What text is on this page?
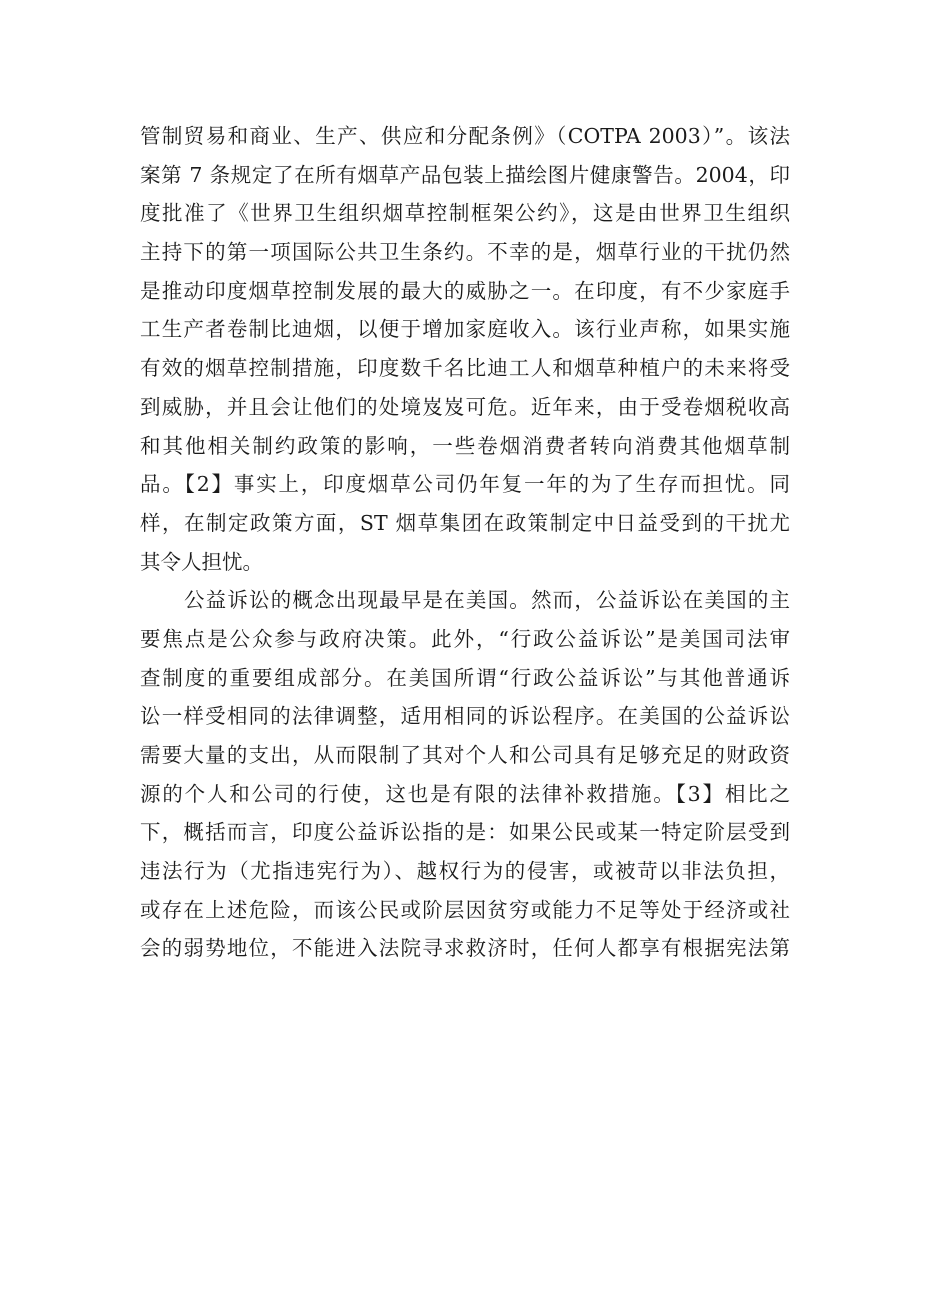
管制贸易和商业、生产、供应和分配条例》（COTPA 2003）”。该法
案第 7 条规定了在所有烟草产品包装上描绘图片健康警告。2004，印
度批准了《世界卫生组织烟草控制框架公约》，这是由世界卫生组织
主持下的第一项国际公共卫生条约。不幸的是，烟草行业的干扰仍然
是推动印度烟草控制发展的最大的威胁之一。在印度，有不少家庭手
工生产者卷制比迪烟，以便于增加家庭收入。该行业声称，如果实施
有效的烟草控制措施，印度数千名比迪工人和烟草种植户的未来将受
到威胁，并且会让他们的处境岌岌可危。近年来，由于受卷烟税收高
和其他相关制约政策的影响，一些卷烟消费者转向消费其他烟草制
品。【2】事实上，印度烟草公司仍年复一年的为了生存而担忧。同
样，在制定政策方面，ST 烟草集团在政策制定中日益受到的干扰尤
其令人担忧。
公益诉讼的概念出现最早是在美国。然而，公益诉讼在美国的主
要焦点是公众参与政府决策。此外，“行政公益诉讼”是美国司法审
查制度的重要组成部分。在美国所谓“行政公益诉讼”与其他普通诉
讼一样受相同的法律调整，适用相同的诉讼程序。在美国的公益诉讼
需要大量的支出，从而限制了其对个人和公司具有足够充足的财政资
源的个人和公司的行使，这也是有限的法律补救措施。【3】相比之
下，概括而言，印度公益诉讼指的是：如果公民或某一特定阶层受到
违法行为（尤指违宪行为）、越权行为的侵害，或被苛以非法负担，
或存在上述危险，而该公民或阶层因贫穷或能力不足等处于经济或社
会的弱势地位，不能进入法院寻求救济时，任何人都享有根据宪法第
